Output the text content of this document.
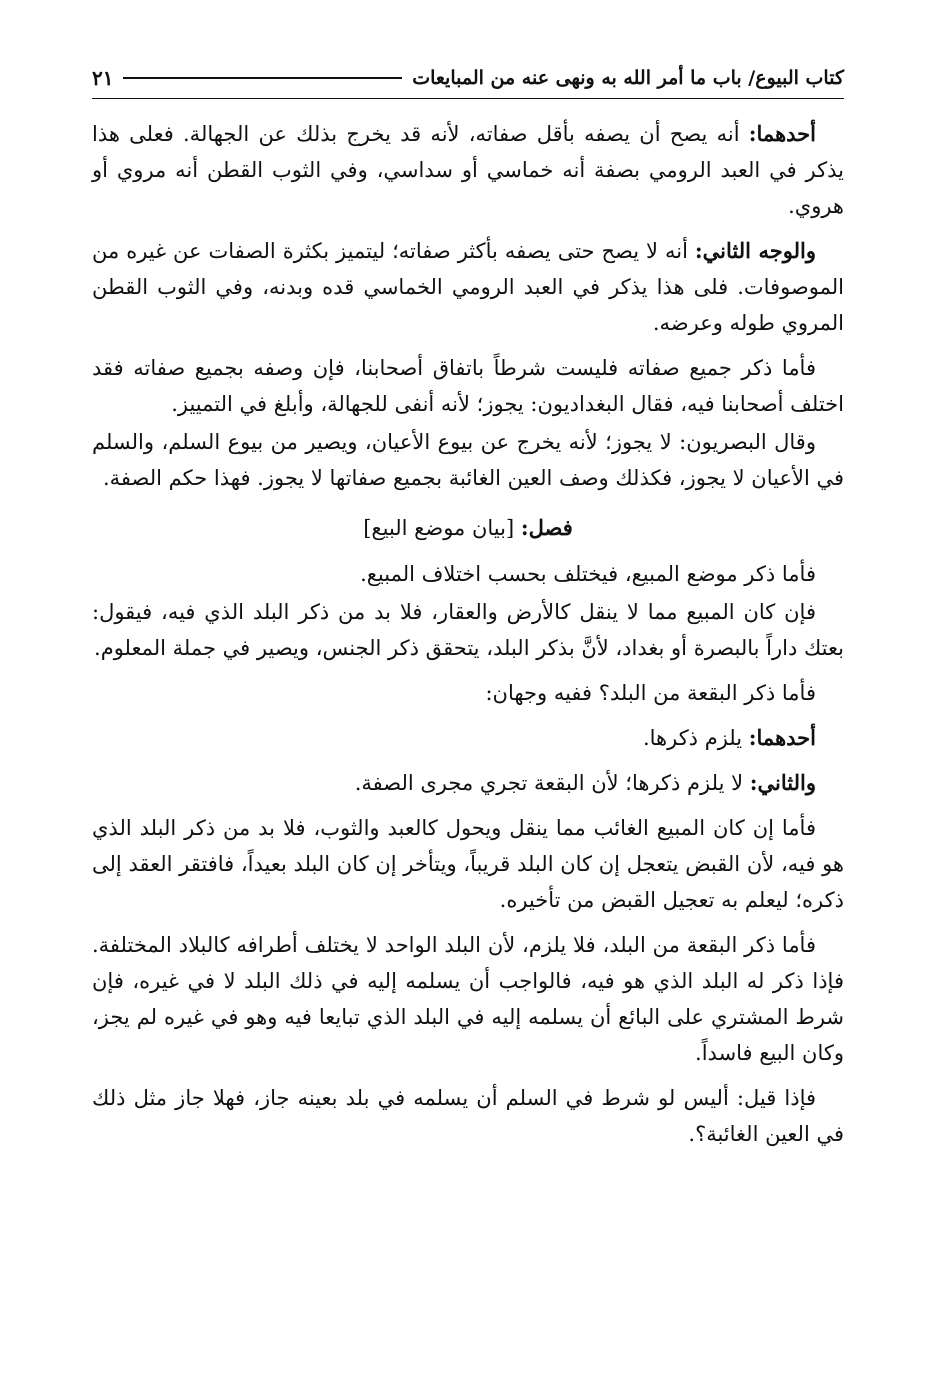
كتاب البيوع/ باب ما أمر الله به ونهى عنه من المبايعات
٢١

أحدهما: أنه يصح أن يصفه بأقل صفاته، لأنه قد يخرج بذلك عن الجهالة. فعلى هذا يذكر في العبد الرومي بصفة أنه خماسي أو سداسي، وفي الثوب القطن أنه مروي أو هروي.

والوجه الثاني: أنه لا يصح حتى يصفه بأكثر صفاته؛ ليتميز بكثرة الصفات عن غيره من الموصوفات. فلى هذا يذكر في العبد الرومي الخماسي قده وبدنه، وفي الثوب القطن المروي طوله وعرضه.

فأما ذكر جميع صفاته فليست شرطاً باتفاق أصحابنا، فإن وصفه بجميع صفاته فقد اختلف أصحابنا فيه، فقال البغداديون: يجوز؛ لأنه أنفى للجهالة، وأبلغ في التمييز.

وقال البصريون: لا يجوز؛ لأنه يخرج عن بيوع الأعيان، ويصير من بيوع السلم، والسلم في الأعيان لا يجوز، فكذلك وصف العين الغائبة بجميع صفاتها لا يجوز. فهذا حكم الصفة.

فصل: [بيان موضع البيع]

فأما ذكر موضع المبيع، فيختلف بحسب اختلاف المبيع.

فإن كان المبيع مما لا ينقل كالأرض والعقار، فلا بد من ذكر البلد الذي فيه، فيقول: بعتك داراً بالبصرة أو بغداد، لأنَّ بذكر البلد، يتحقق ذكر الجنس، ويصير في جملة المعلوم.

فأما ذكر البقعة من البلد؟ ففيه وجهان:

أحدهما: يلزم ذكرها.

والثاني: لا يلزم ذكرها؛ لأن البقعة تجري مجرى الصفة.

فأما إن كان المبيع الغائب مما ينقل ويحول كالعبد والثوب، فلا بد من ذكر البلد الذي هو فيه، لأن القبض يتعجل إن كان البلد قريباً، ويتأخر إن كان البلد بعيداً، فافتقر العقد إلى ذكره؛ ليعلم به تعجيل القبض من تأخيره.

فأما ذكر البقعة من البلد، فلا يلزم، لأن البلد الواحد لا يختلف أطرافه كالبلاد المختلفة. فإذا ذكر له البلد الذي هو فيه، فالواجب أن يسلمه إليه في ذلك البلد لا في غيره، فإن شرط المشتري على البائع أن يسلمه إليه في البلد الذي تبايعا فيه وهو في غيره لم يجز، وكان البيع فاسداً.

فإذا قيل: أليس لو شرط في السلم أن يسلمه في بلد بعينه جاز، فهلا جاز مثل ذلك في العين الغائبة؟.
